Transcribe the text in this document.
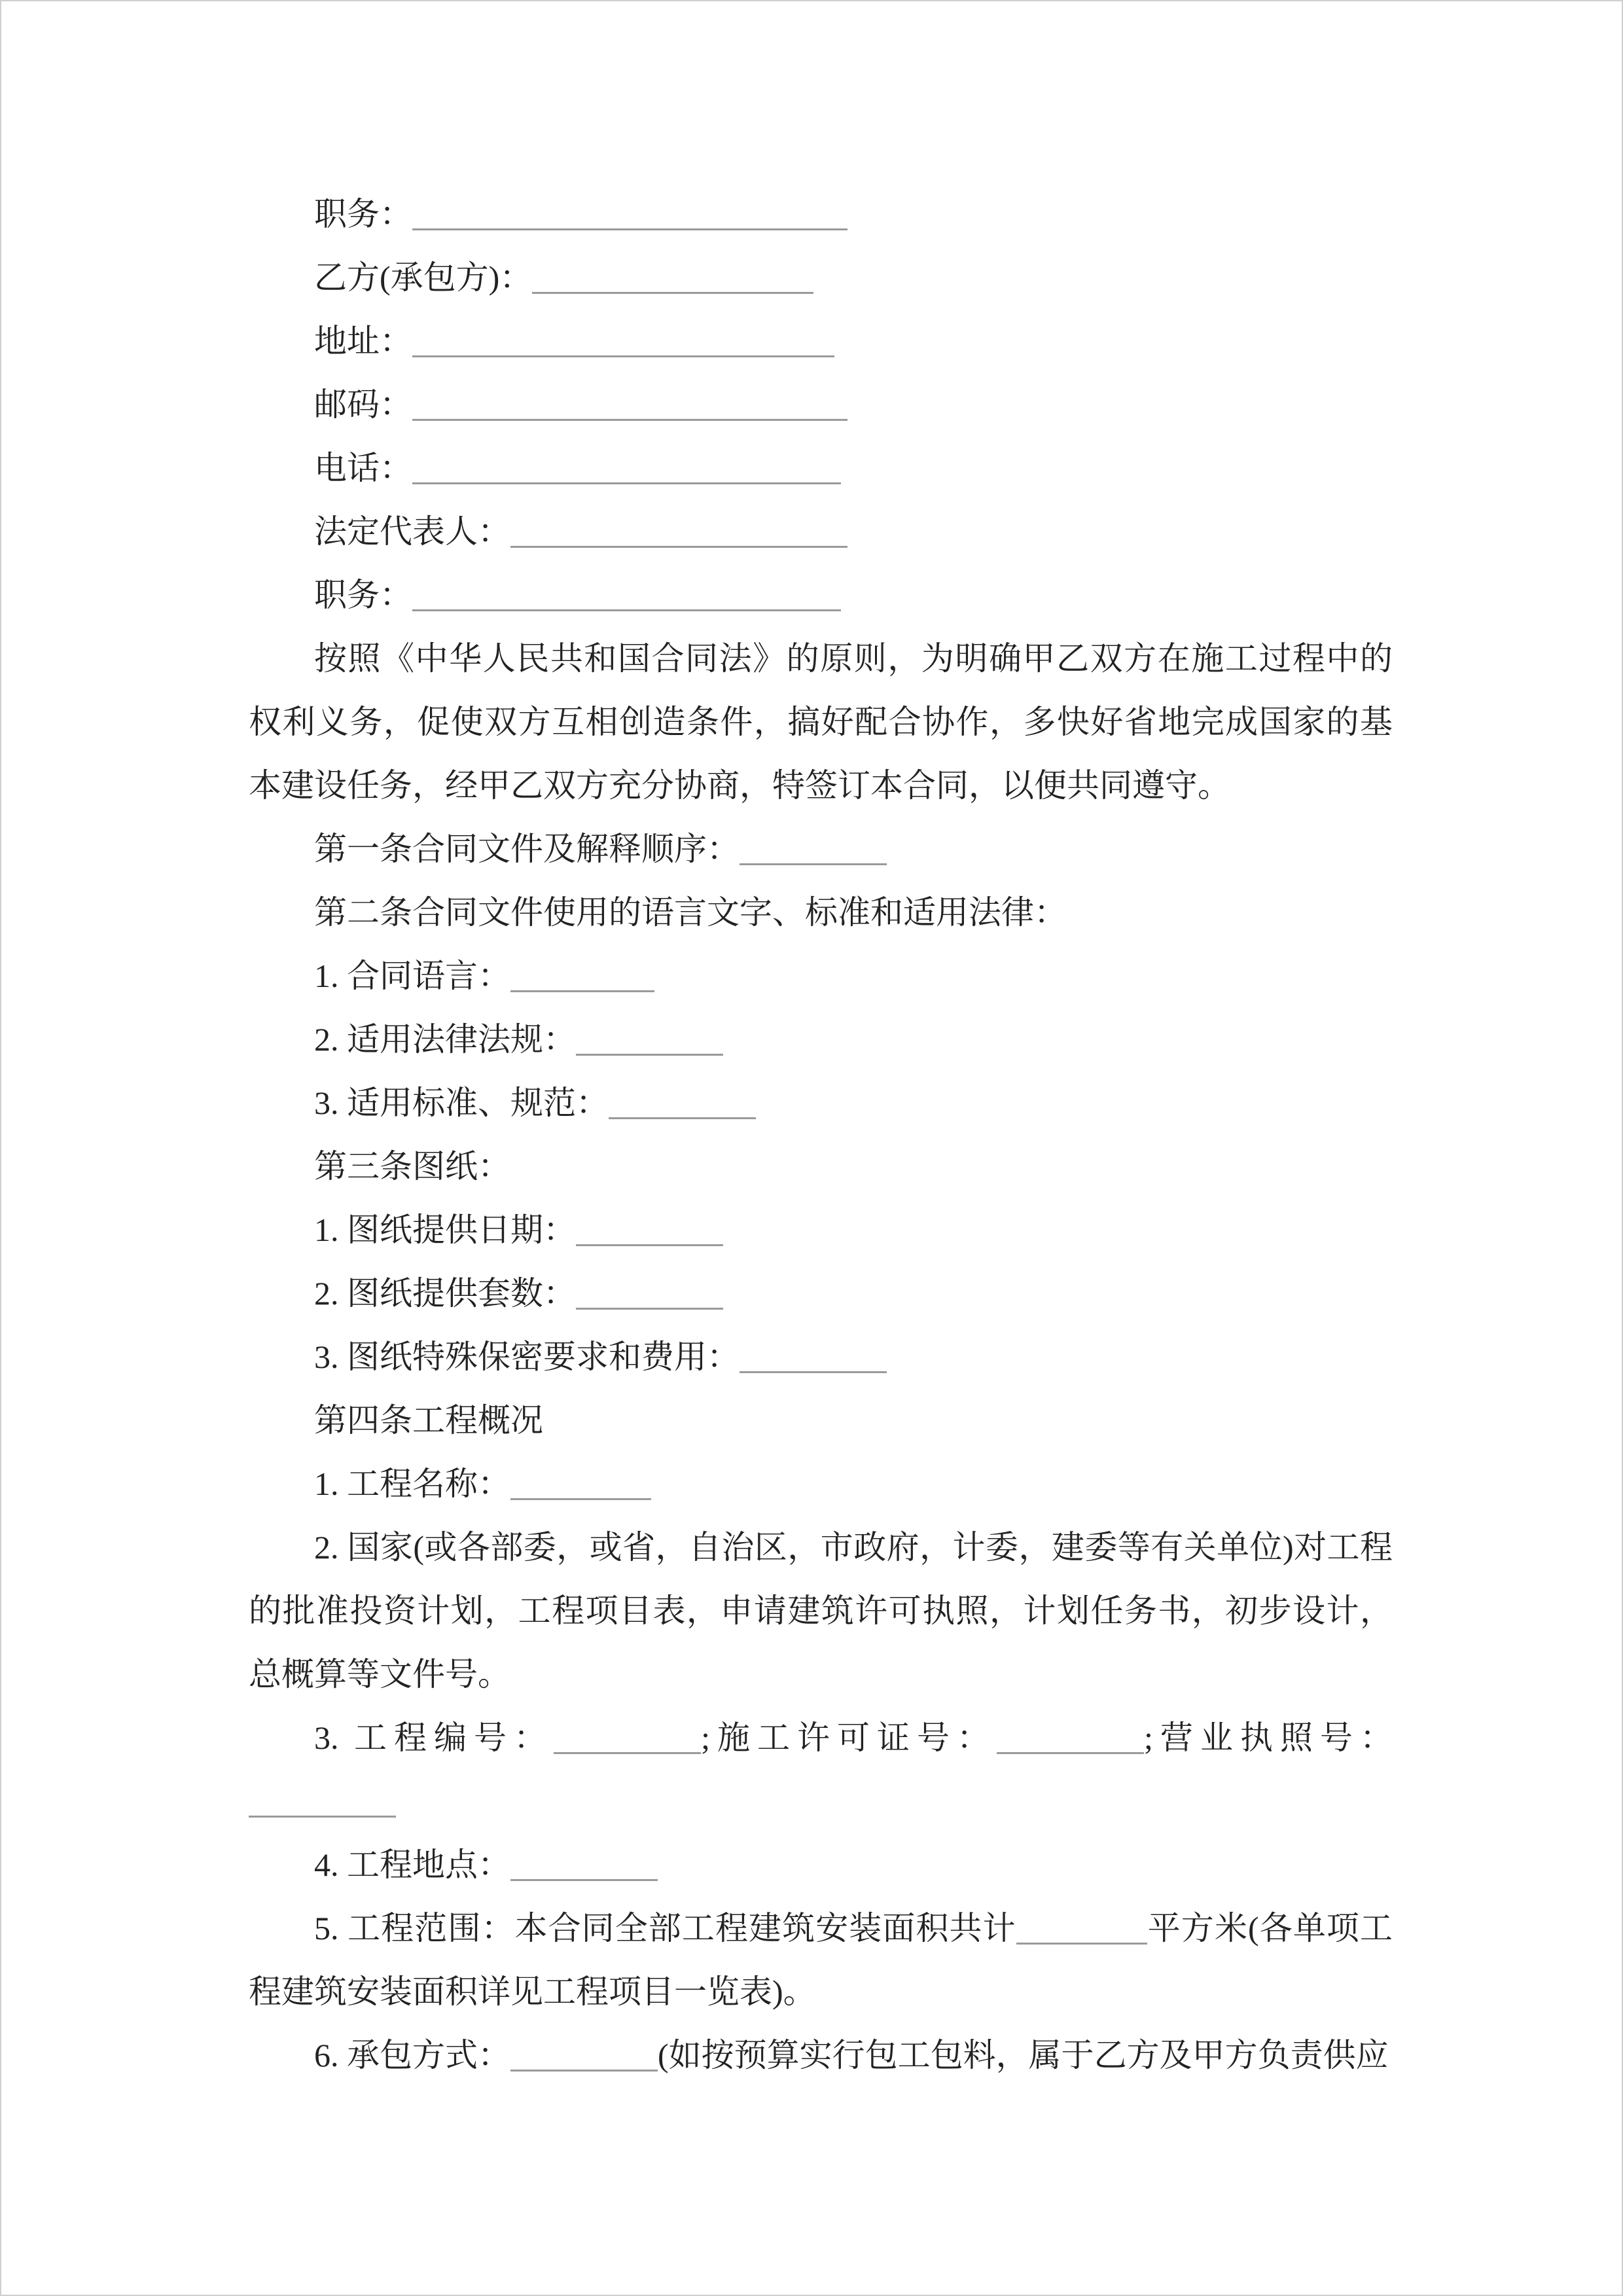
职务：

乙方(承包方)：

地址：

邮码：

电话：

法定代表人：

职务：

按照《中华人民共和国合同法》的原则，为明确甲乙双方在施工过程中的权利义务，促使双方互相创造条件，搞好配合协作，多快好省地完成国家的基本建设任务，经甲乙双方充分协商，特签订本合同，以便共同遵守。

第一条合同文件及解释顺序：

第二条合同文件使用的语言文字、标准和适用法律：

1. 合同语言：

2. 适用法律法规：

3. 适用标准、规范：

第三条图纸：

1. 图纸提供日期：

2. 图纸提供套数：

3. 图纸特殊保密要求和费用：

第四条工程概况

1. 工程名称：

2. 国家(或各部委，或省，自治区，市政府，计委，建委等有关单位)对工程的批准投资计划，工程项目表，申请建筑许可执照，计划任务书，初步设计，总概算等文件号。

3. 工程编号：	;施工许可证号：	;营业执照号：

4. 工程地点：

5. 工程范围：本合同全部工程建筑安装面积共计	平方米(各单项工程建筑安装面积详见工程项目一览表)。

6. 承包方式：	(如按预算实行包工包料，属于乙方及甲方负责供应
